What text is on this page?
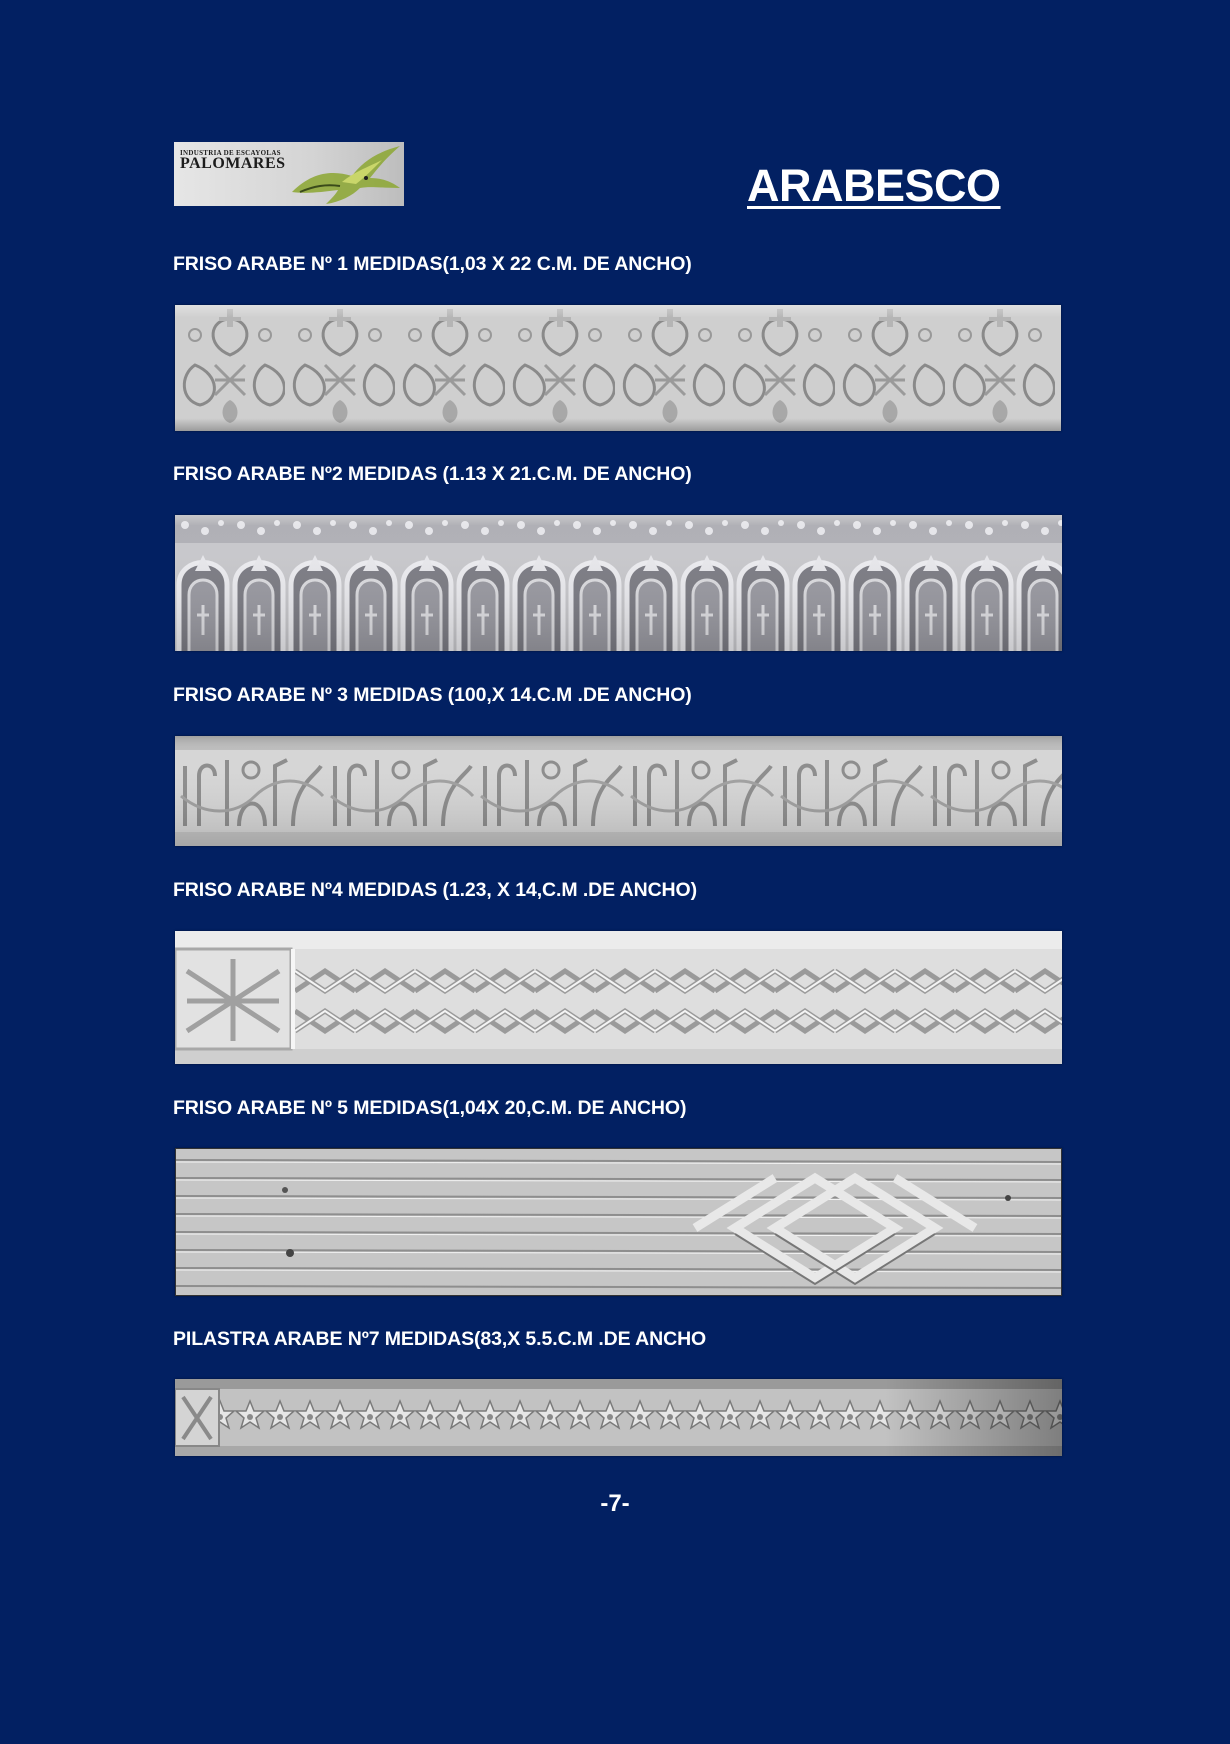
INDUSTRIA DE ESCAYOLAS
PALOMARES	ARABESCO
FRISO ARABE Nº 1 MEDIDAS(1,03 X 22 C.M. DE ANCHO)
FRISO ARABE Nº2 MEDIDAS (1.13 X 21.C.M. DE ANCHO)
FRISO ARABE Nº 3 MEDIDAS (100,X 14.C.M .DE ANCHO)
FRISO ARABE Nº4 MEDIDAS (1.23, X 14,C.M .DE ANCHO)
FRISO ARABE Nº 5 MEDIDAS(1,04X 20,C.M. DE ANCHO)
PILASTRA ARABE Nº7 MEDIDAS(83,X 5.5.C.M .DE ANCHO
-7-
